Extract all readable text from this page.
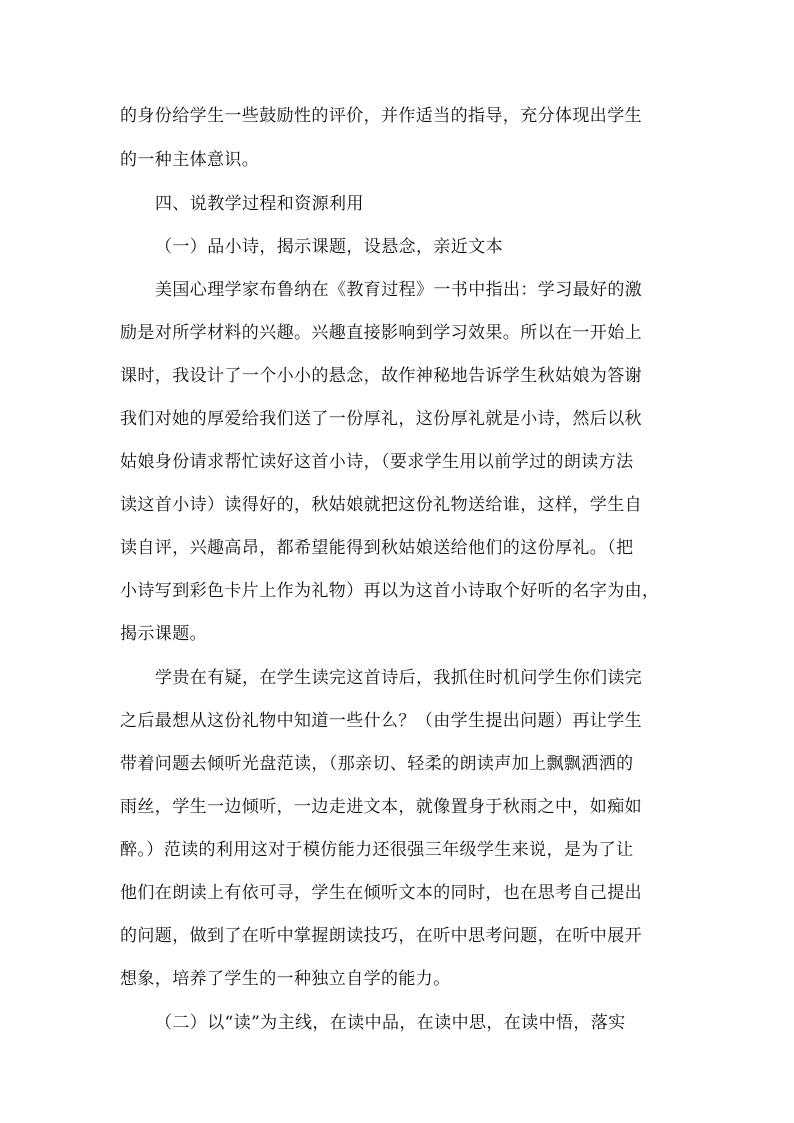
的身份给学生一些鼓励性的评价，并作适当的指导，充分体现出学生
的一种主体意识。
四、说教学过程和资源利用
（一）品小诗，揭示课题，设悬念，亲近文本
美国心理学家布鲁纳在《教育过程》一书中指出：学习最好的激
励是对所学材料的兴趣。兴趣直接影响到学习效果。所以在一开始上
课时，我设计了一个小小的悬念，故作神秘地告诉学生秋姑娘为答谢
我们对她的厚爱给我们送了一份厚礼，这份厚礼就是小诗，然后以秋
姑娘身份请求帮忙读好这首小诗，（要求学生用以前学过的朗读方法
读这首小诗）读得好的，秋姑娘就把这份礼物送给谁，这样，学生自
读自评，兴趣高昂，都希望能得到秋姑娘送给他们的这份厚礼。（把
小诗写到彩色卡片上作为礼物）再以为这首小诗取个好听的名字为由，
揭示课题。
学贵在有疑，在学生读完这首诗后，我抓住时机问学生你们读完
之后最想从这份礼物中知道一些什么？（由学生提出问题）再让学生
带着问题去倾听光盘范读，（那亲切、轻柔的朗读声加上飘飘洒洒的
雨丝，学生一边倾听，一边走进文本，就像置身于秋雨之中，如痴如
醉。）范读的利用这对于模仿能力还很强三年级学生来说，是为了让
他们在朗读上有依可寻，学生在倾听文本的同时，也在思考自己提出
的问题，做到了在听中掌握朗读技巧，在听中思考问题，在听中展开
想象，培养了学生的一种独立自学的能力。
（二）以“读”为主线，在读中品，在读中思，在读中悟，落实
